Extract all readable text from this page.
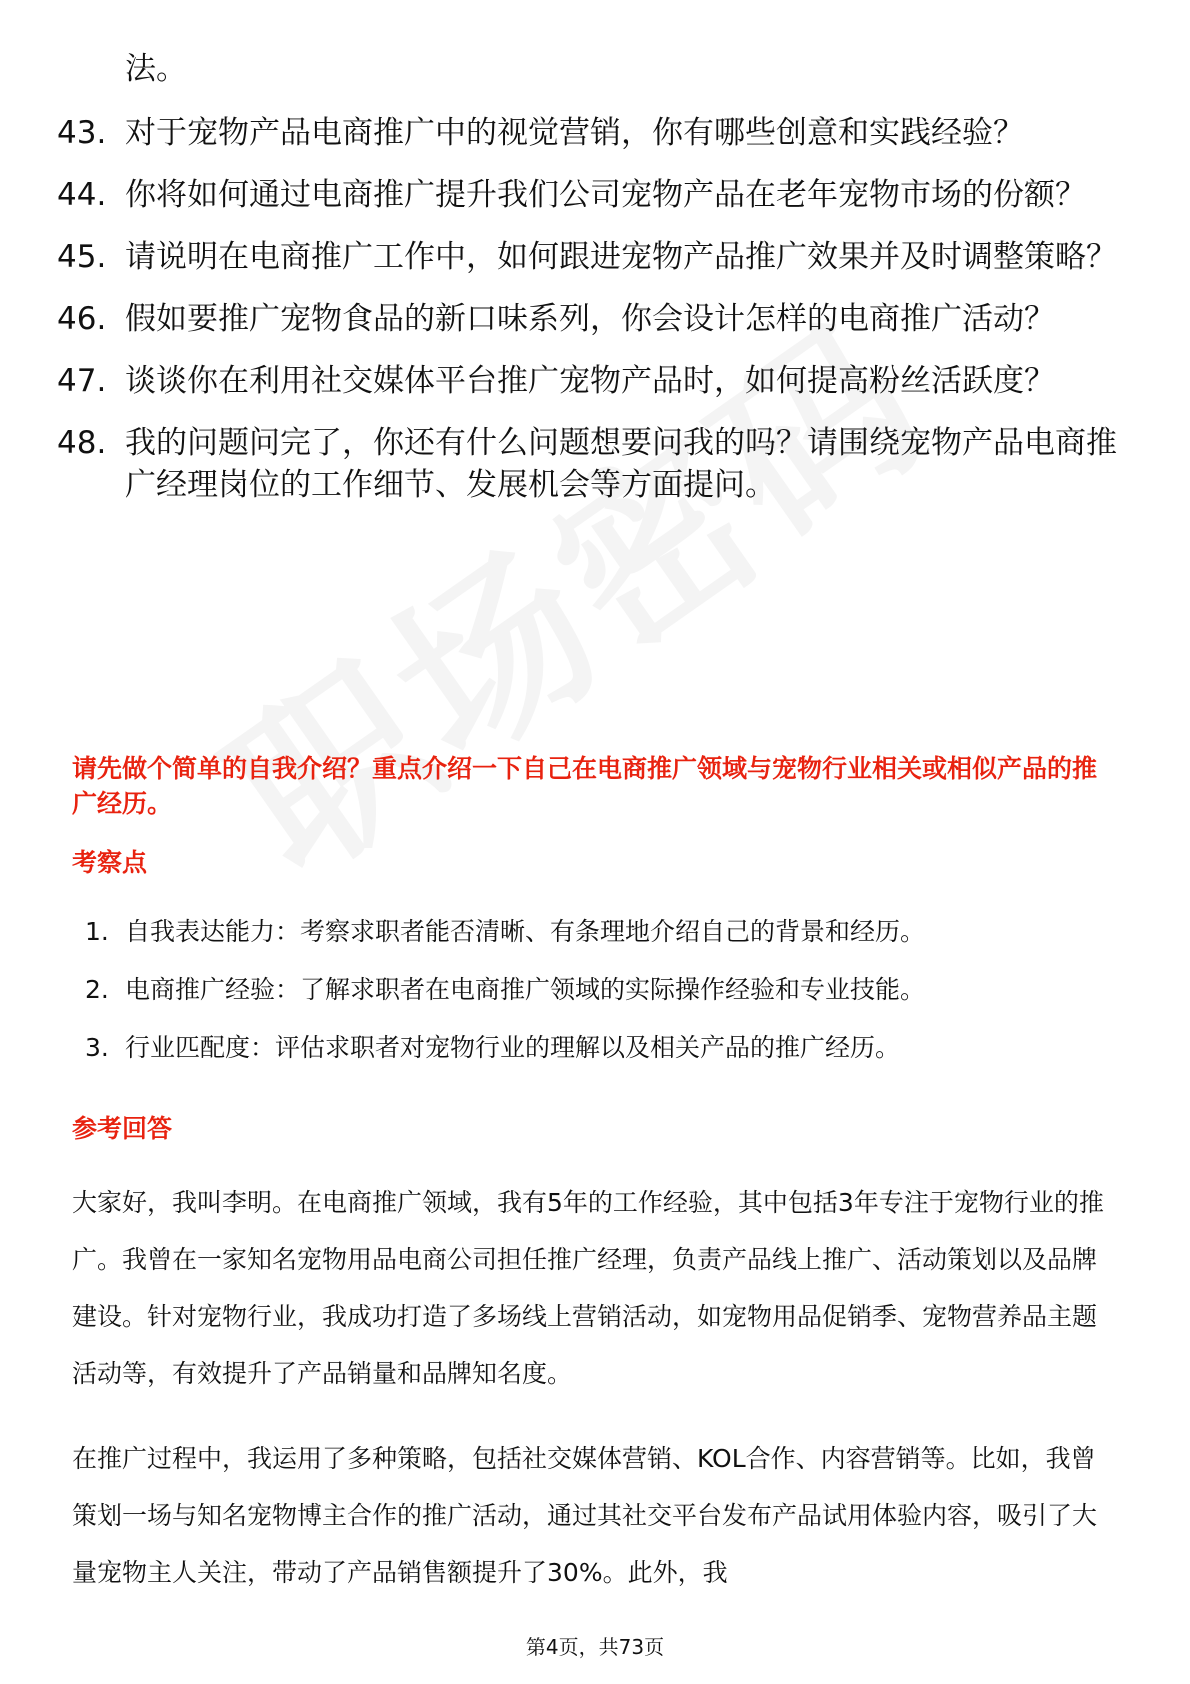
法。
43. 对于宠物产品电商推广中的视觉营销，你有哪些创意和实践经验？
44. 你将如何通过电商推广提升我们公司宠物产品在老年宠物市场的份额？
45. 请说明在电商推广工作中，如何跟进宠物产品推广效果并及时调整策略？
46. 假如要推广宠物食品的新口味系列，你会设计怎样的电商推广活动？
47. 谈谈你在利用社交媒体平台推广宠物产品时，如何提高粉丝活跃度？
48. 我的问题问完了，你还有什么问题想要问我的吗？请围绕宠物产品电商推广经理岗位的工作细节、发展机会等方面提问。
请先做个简单的自我介绍？重点介绍一下自己在电商推广领域与宠物行业相关或相似产品的推广经历。
考察点
1. 自我表达能力：考察求职者能否清晰、有条理地介绍自己的背景和经历。
2. 电商推广经验：了解求职者在电商推广领域的实际操作经验和专业技能。
3. 行业匹配度：评估求职者对宠物行业的理解以及相关产品的推广经历。
参考回答

大家好，我叫李明。在电商推广领域，我有5年的工作经验，其中包括3年专注于宠物行业的推广。我曾在一家知名宠物用品电商公司担任推广经理，负责产品线上推广、活动策划以及品牌建设。针对宠物行业，我成功打造了多场线上营销活动，如宠物用品促销季、宠物营养品主题活动等，有效提升了产品销量和品牌知名度。

在推广过程中，我运用了多种策略，包括社交媒体营销、KOL合作、内容营销等。比如，我曾策划一场与知名宠物博主合作的推广活动，通过其社交平台发布产品试用体验内容，吸引了大量宠物主人关注，带动了产品销售额提升了30%。此外，我

第4页，共73页
